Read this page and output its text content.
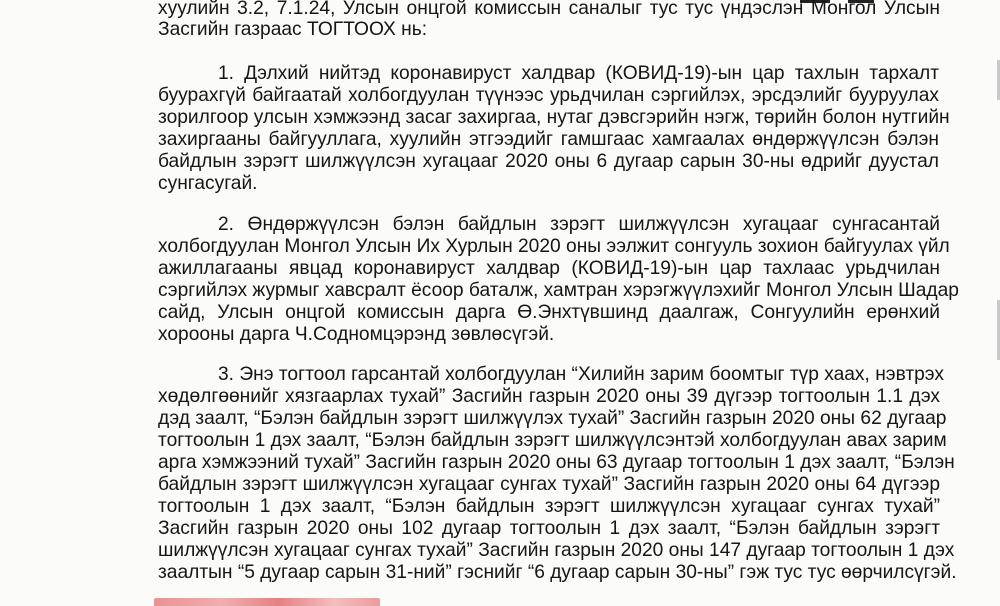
хуулийн 3.2, 7.1.24, Улсын онцгой комиссын саналыг тус тус үндэслэн Монгол Улсын
Засгийн газраас ТОГТООХ нь:
1. Дэлхий нийтэд коронавируст халдвар (КОВИД-19)-ын цар тахлын тархалт
буурахгүй байгаатай холбогдуулан түүнээс урьдчилан сэргийлэх, эрсдэлийг бууруулах
зорилгоор улсын хэмжээнд засаг захиргаа, нутаг дэвсгэрийн нэгж, төрийн болон нутгийн
захиргааны байгууллага, хуулийн этгээдийг гамшгаас хамгаалах өндөржүүлсэн бэлэн
байдлын зэрэгт шилжүүлсэн хугацааг 2020 оны 6 дугаар сарын 30-ны өдрийг дуустал
сунгасугай.
2. Өндөржүүлсэн бэлэн байдлын зэрэгт шилжүүлсэн хугацааг сунгасантай
холбогдуулан Монгол Улсын Их Хурлын 2020 оны ээлжит сонгууль зохион байгуулах үйл
ажиллагааны явцад коронавируст халдвар (КОВИД-19)-ын цар тахлаас урьдчилан
сэргийлэх журмыг хавсралт ёсоор баталж, хамтран хэрэгжүүлэхийг Монгол Улсын Шадар
сайд, Улсын онцгой комиссын дарга Ө.Энхтүвшинд даалгаж, Сонгуулийн ерөнхий
хорооны дарга Ч.Содномцэрэнд зөвлөсүгэй.
3. Энэ тогтоол гарсантай холбогдуулан “Хилийн зарим боомтыг түр хаах, нэвтрэх
хөдөлгөөнийг хязгаарлах тухай” Засгийн газрын 2020 оны 39 дүгээр тогтоолын 1.1 дэх
дэд заалт, “Бэлэн байдлын зэрэгт шилжүүлэх тухай” Засгийн газрын 2020 оны 62 дугаар
тогтоолын 1 дэх заалт, “Бэлэн байдлын зэрэгт шилжүүлсэнтэй холбогдуулан авах зарим
арга хэмжээний тухай” Засгийн газрын 2020 оны 63 дугаар тогтоолын 1 дэх заалт, “Бэлэн
байдлын зэрэгт шилжүүлсэн хугацааг сунгах тухай” Засгийн газрын 2020 оны 64 дүгээр
тогтоолын 1 дэх заалт, “Бэлэн байдлын зэрэгт шилжүүлсэн хугацааг сунгах тухай”
Засгийн газрын 2020 оны 102 дугаар тогтоолын 1 дэх заалт, “Бэлэн байдлын зэрэгт
шилжүүлсэн хугацааг сунгах тухай” Засгийн газрын 2020 оны 147 дугаар тогтоолын 1 дэх
заалтын “5 дугаар сарын 31-ний” гэснийг “6 дугаар сарын 30-ны” гэж тус тус өөрчилсүгэй.
